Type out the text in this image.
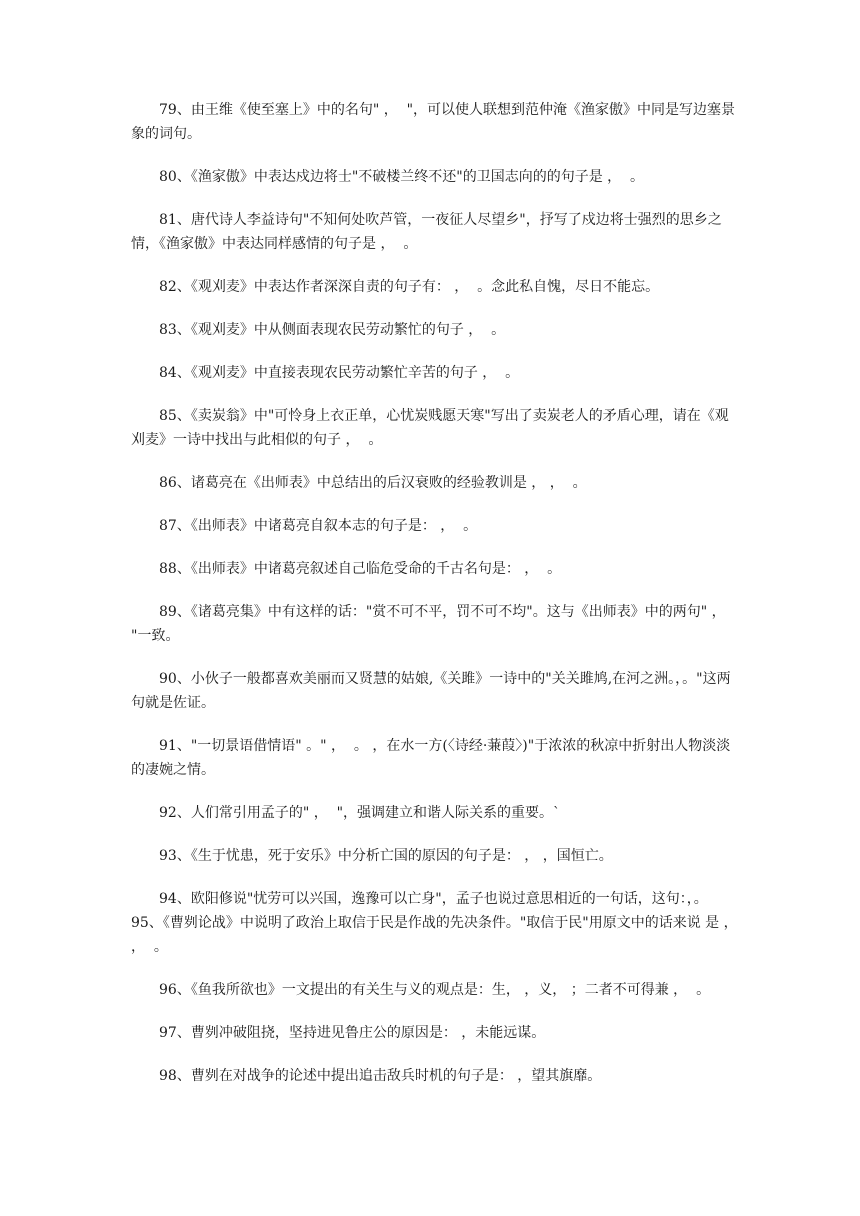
79、由王维《使至塞上》中的名句" ，  "，可以使人联想到范仲淹《渔家傲》中同是写边塞景象的词句。

80、《渔家傲》中表达戍边将士"不破楼兰终不还"的卫国志向的的句子是 ，  。

81、唐代诗人李益诗句"不知何处吹芦管，一夜征人尽望乡"，抒写了戍边将士强烈的思乡之情，《渔家傲》中表达同样感情的句子是 ，  。

82、《观刈麦》中表达作者深深自责的句子有： ，  。念此私自愧，尽日不能忘。

83、《观刈麦》中从侧面表现农民劳动繁忙的句子 ，  。

84、《观刈麦》中直接表现农民劳动繁忙辛苦的句子 ，  。

85、《卖炭翁》中"可怜身上衣正单，心忧炭贱愿天寒"写出了卖炭老人的矛盾心理，请在《观刈麦》一诗中找出与此相似的句子 ，  。

86、诸葛亮在《出师表》中总结出的后汉衰败的经验教训是 ， ，  。

87、《出师表》中诸葛亮自叙本志的句子是： ，  。

88、《出师表》中诸葛亮叙述自己临危受命的千古名句是： ，  。

89、《诸葛亮集》中有这样的话："赏不可不平，罚不可不均"。这与《出师表》中的两句" ，  "一致。

90、小伙子一般都喜欢美丽而又贤慧的姑娘,《关雎》一诗中的"关关雎鸠,在河之洲。，。"这两句就是佐证。

91、"一切景语借情语" 。" ，  。 ，在水一方(〈诗经·蒹葭〉)"于浓浓的秋凉中折射出人物淡淡的凄婉之情。

92、人们常引用孟子的" ，  "，强调建立和谐人际关系的重要。`

93、《生于忧患，死于安乐》中分析亡国的原因的句子是： ， ，国恒亡。

94、欧阳修说"忧劳可以兴国，逸豫可以亡身"，孟子也说过意思相近的一句话，这句：，。

95、《曹刿论战》中说明了政治上取信于民是作战的先决条件。"取信于民"用原文中的话来说 是 ， ，  。

96、《鱼我所欲也》一文提出的有关生与义的观点是：生， ，义， ；二者不可得兼 ，  。

97、曹刿冲破阻挠，坚持进见鲁庄公的原因是： ，未能远谋。

98、曹刿在对战争的论述中提出追击敌兵时机的句子是： ，望其旗靡。
